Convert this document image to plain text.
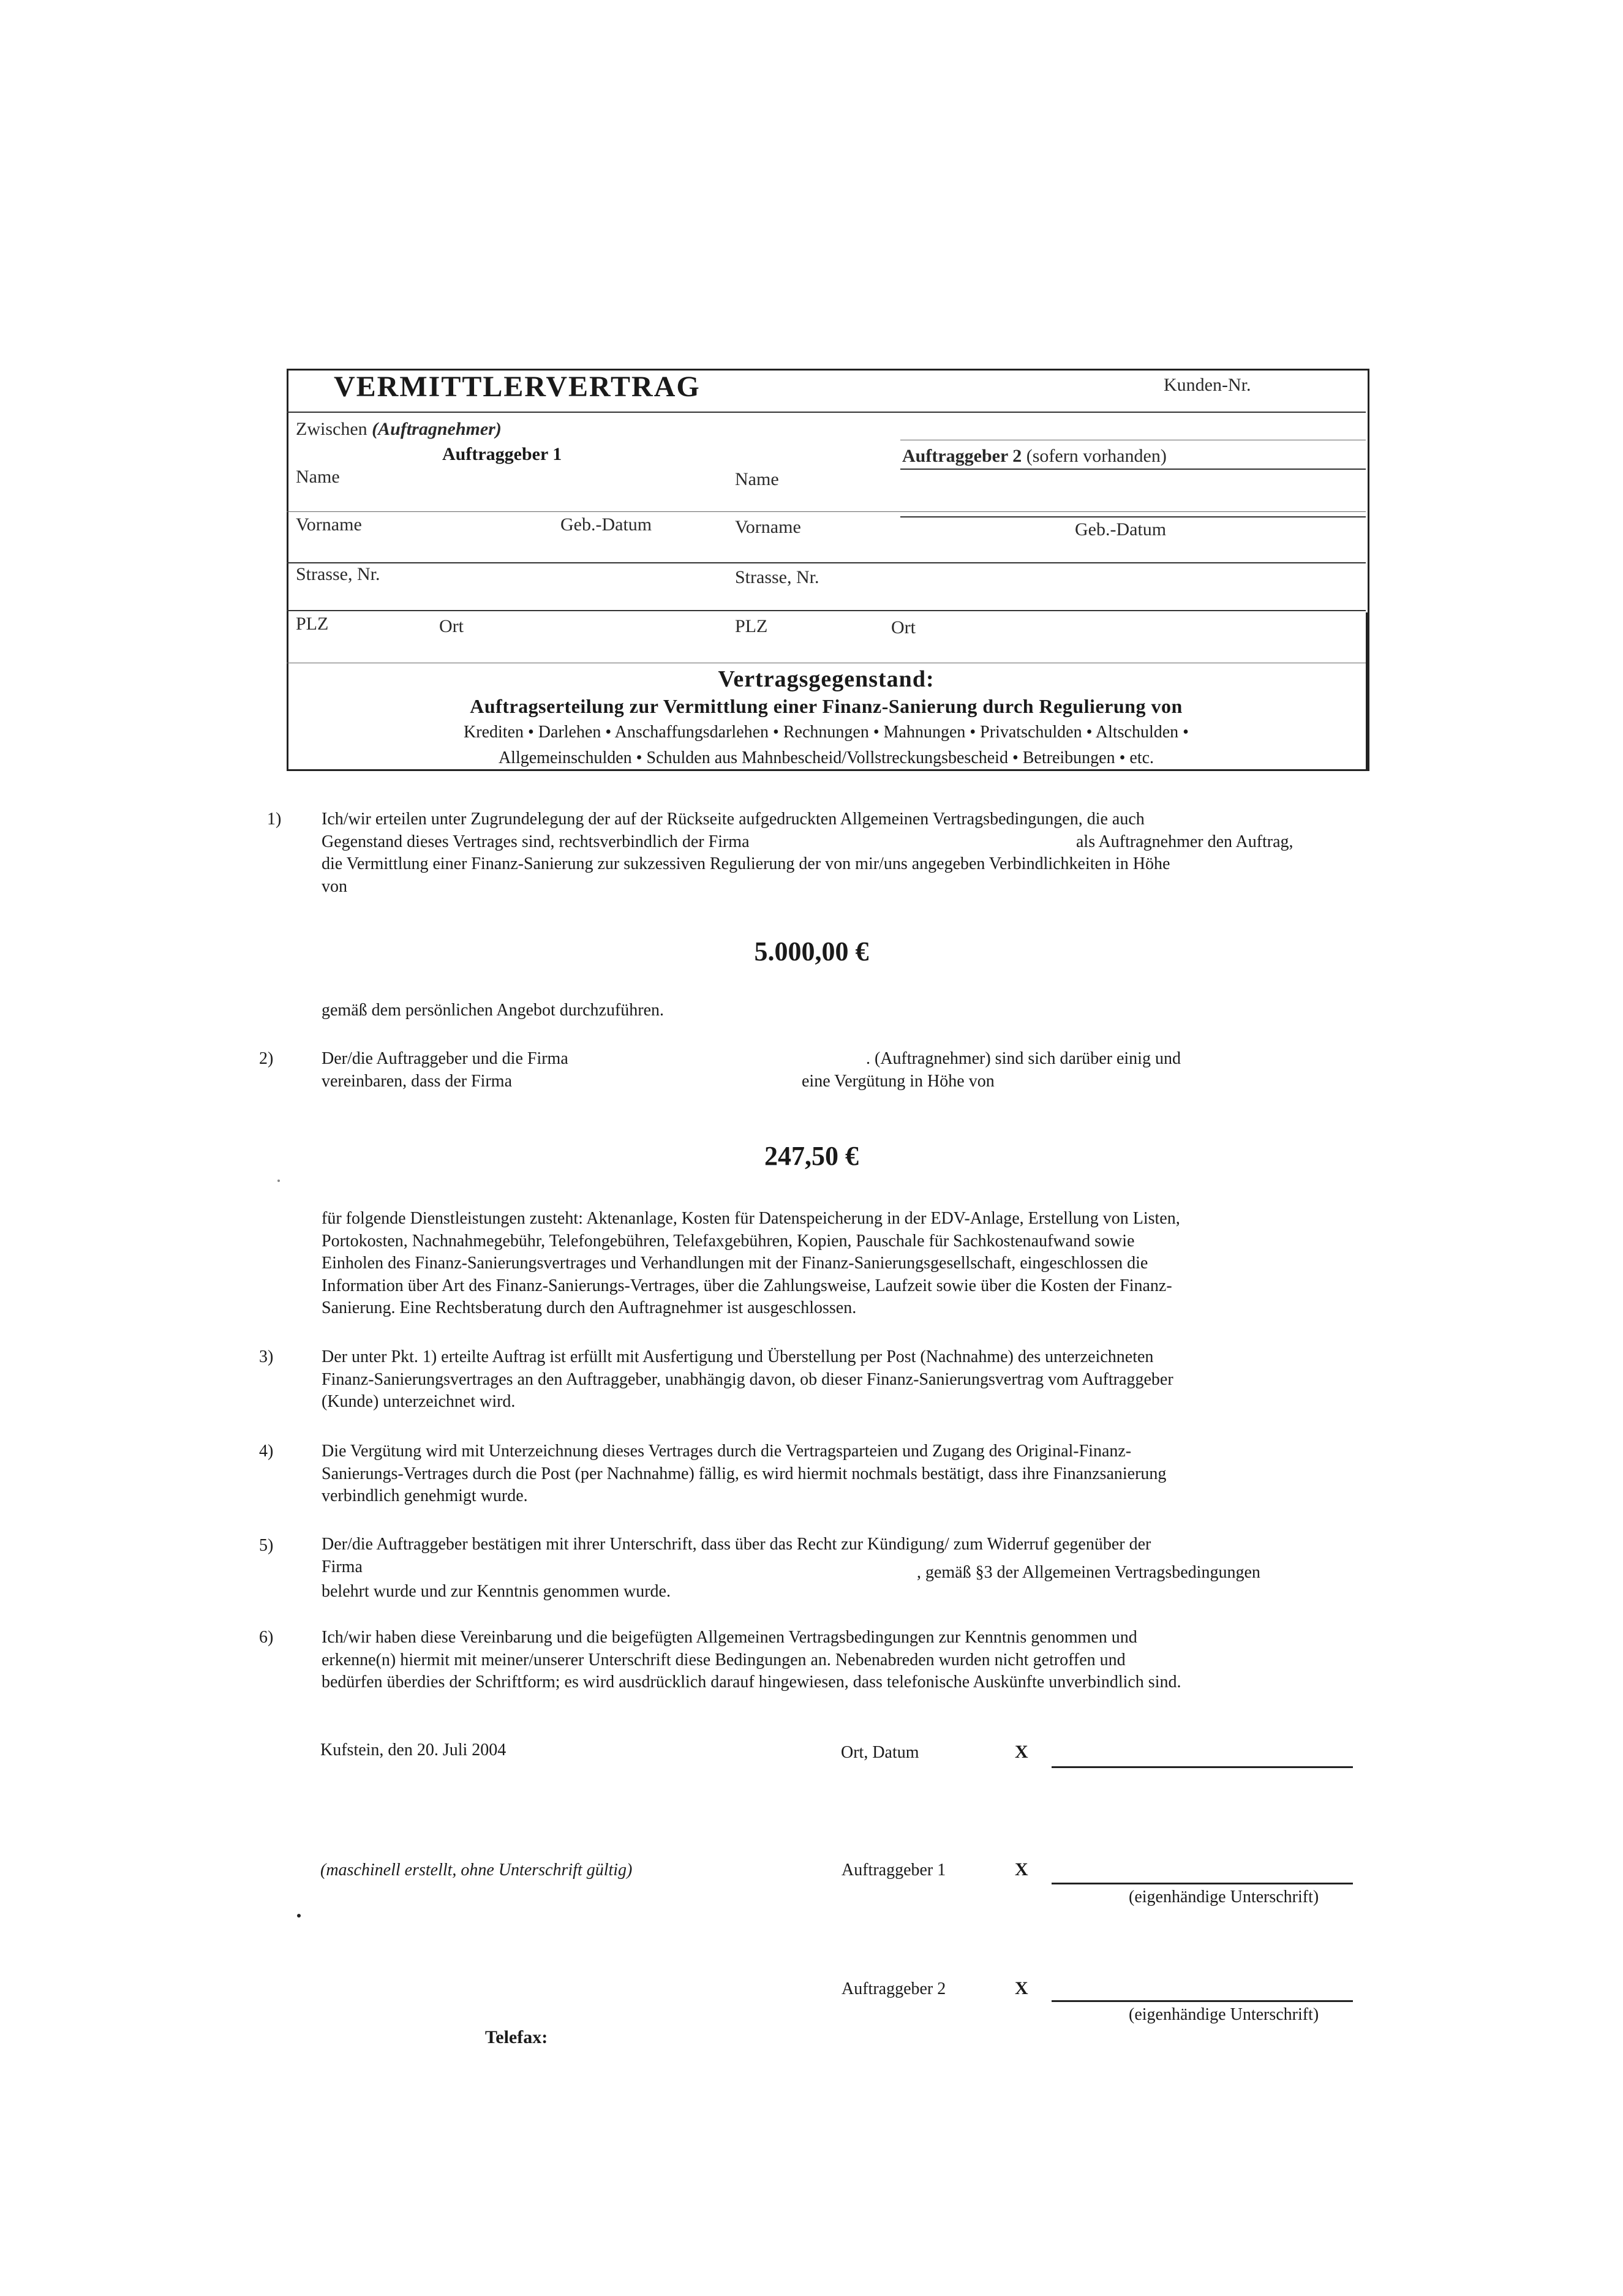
VERMITTLERVERTRAG	Kunden-Nr.
Zwischen (Auftragnehmer)
Auftraggeber 1	Auftraggeber 2 (sofern vorhanden)
Name	Name
Vorname	Geb.-Datum	Vorname	Geb.-Datum
Strasse, Nr.	Strasse, Nr.
PLZ	Ort	PLZ	Ort
Vertragsgegenstand:
Auftragserteilung zur Vermittlung einer Finanz-Sanierung durch Regulierung von
Krediten • Darlehen • Anschaffungsdarlehen • Rechnungen • Mahnungen • Privatschulden • Altschulden •
Allgemeinschulden • Schulden aus Mahnbescheid/Vollstreckungsbescheid • Betreibungen • etc.
1) Ich/wir erteilen unter Zugrundelegung der auf der Rückseite aufgedruckten Allgemeinen Vertragsbedingungen, die auch
Gegenstand dieses Vertrages sind, rechtsverbindlich der Firma	als Auftragnehmer den Auftrag,
die Vermittlung einer Finanz-Sanierung zur sukzessiven Regulierung der von mir/uns angegeben Verbindlichkeiten in Höhe
von
5.000,00 €
gemäß dem persönlichen Angebot durchzuführen.
2)	Der/die Auftraggeber und die Firma	. (Auftragnehmer) sind sich darüber einig und
vereinbaren, dass der Firma	eine Vergütung in Höhe von
247,50 €
für folgende Dienstleistungen zusteht: Aktenanlage, Kosten für Datenspeicherung in der EDV-Anlage, Erstellung von Listen,
Portokosten, Nachnahmegebühr, Telefongebühren, Telefaxgebühren, Kopien, Pauschale für Sachkostenaufwand sowie
Einholen des Finanz-Sanierungsvertrages und Verhandlungen mit der Finanz-Sanierungsgesellschaft, eingeschlossen die
Information über Art des Finanz-Sanierungs-Vertrages, über die Zahlungsweise, Laufzeit sowie über die Kosten der Finanz-
Sanierung. Eine Rechtsberatung durch den Auftragnehmer ist ausgeschlossen.
3)	Der unter Pkt. 1) erteilte Auftrag ist erfüllt mit Ausfertigung und Überstellung per Post (Nachnahme) des unterzeichneten
Finanz-Sanierungsvertrages an den Auftraggeber, unabhängig davon, ob dieser Finanz-Sanierungsvertrag vom Auftraggeber
(Kunde) unterzeichnet wird.
4)	Die Vergütung wird mit Unterzeichnung dieses Vertrages durch die Vertragsparteien und Zugang des Original-Finanz-
Sanierungs-Vertrages durch die Post (per Nachnahme) fällig, es wird hiermit nochmals bestätigt, dass ihre Finanzsanierung
verbindlich genehmigt wurde.
5)	Der/die Auftraggeber bestätigen mit ihrer Unterschrift, dass über das Recht zur Kündigung/ zum Widerruf gegenüber der
Firma	, gemäß §3 der Allgemeinen Vertragsbedingungen
belehrt wurde und zur Kenntnis genommen wurde.
6)	Ich/wir haben diese Vereinbarung und die beigefügten Allgemeinen Vertragsbedingungen zur Kenntnis genommen und
erkenne(n) hiermit mit meiner/unserer Unterschrift diese Bedingungen an. Nebenabreden wurden nicht getroffen und
bedürfen überdies der Schriftform; es wird ausdrücklich darauf hingewiesen, dass telefonische Auskünfte unverbindlich sind.
Kufstein, den 20. Juli 2004	Ort, Datum	X
(maschinell erstellt, ohne Unterschrift gültig)	Auftraggeber 1	X
(eigenhändige Unterschrift)
Auftraggeber 2	X
(eigenhändige Unterschrift)
Telefax:
